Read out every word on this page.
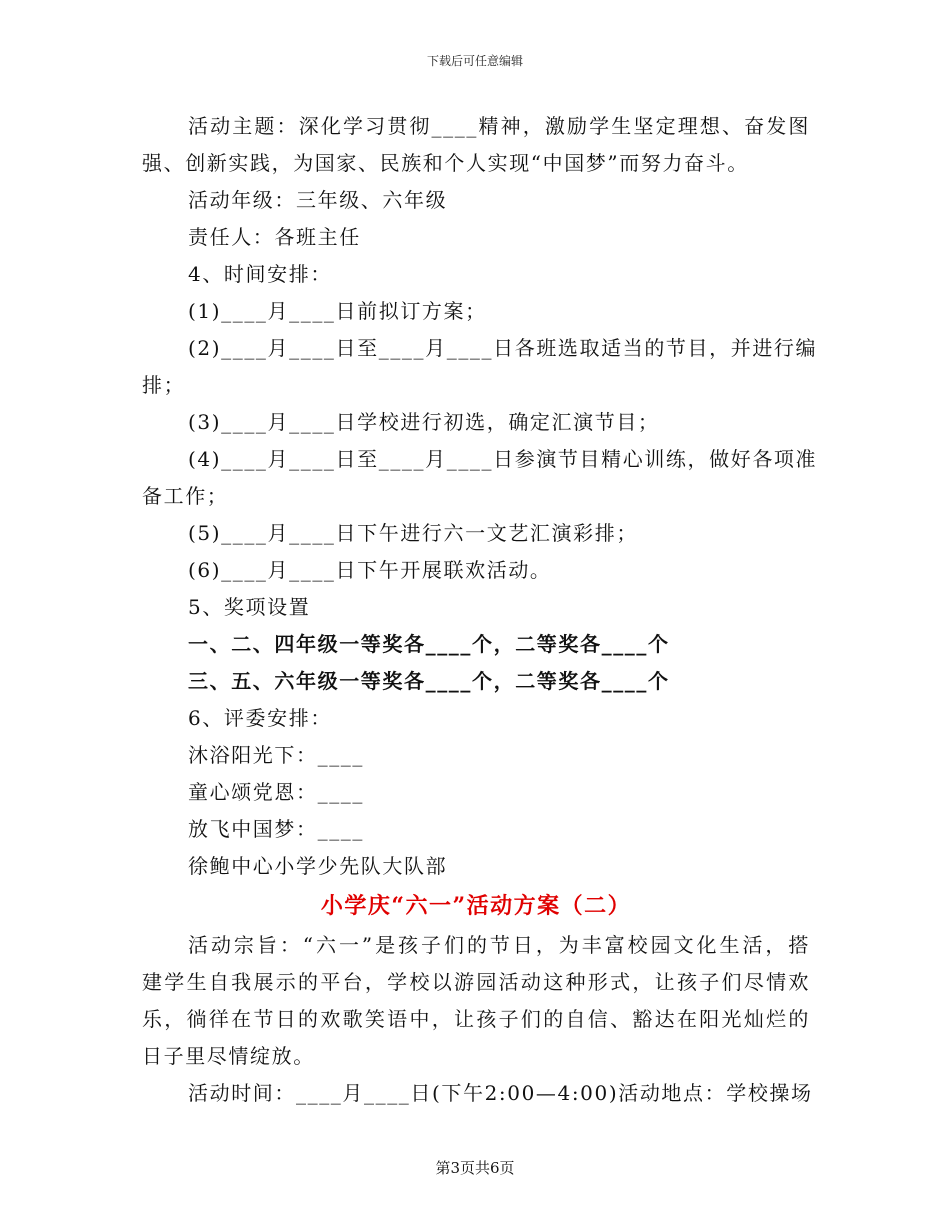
下载后可任意编辑
活动主题：深化学习贯彻____精神，激励学生坚定理想、奋发图
强、创新实践，为国家、民族和个人实现“中国梦”而努力奋斗。
活动年级：三年级、六年级
责任人：各班主任
4、时间安排：
(1)____月____日前拟订方案；
(2)____月____日至____月____日各班选取适当的节目，并进行编
排；
(3)____月____日学校进行初选，确定汇演节目；
(4)____月____日至____月____日参演节目精心训练，做好各项准
备工作；
(5)____月____日下午进行六一文艺汇演彩排；
(6)____月____日下午开展联欢活动。
5、奖项设置
一、二、四年级一等奖各____个，二等奖各____个
三、五、六年级一等奖各____个，二等奖各____个
6、评委安排：
沐浴阳光下：____
童心颂党恩：____
放飞中国梦：____
徐鲍中心小学少先队大队部
小学庆“六一”活动方案（二）
活动宗旨：“六一”是孩子们的节日，为丰富校园文化生活，搭
建学生自我展示的平台，学校以游园活动这种形式，让孩子们尽情欢
乐，徜徉在节日的欢歌笑语中，让孩子们的自信、豁达在阳光灿烂的
日子里尽情绽放。
活动时间：____月____日(下午2:00—4:00)活动地点：学校操场
第3页共6页
